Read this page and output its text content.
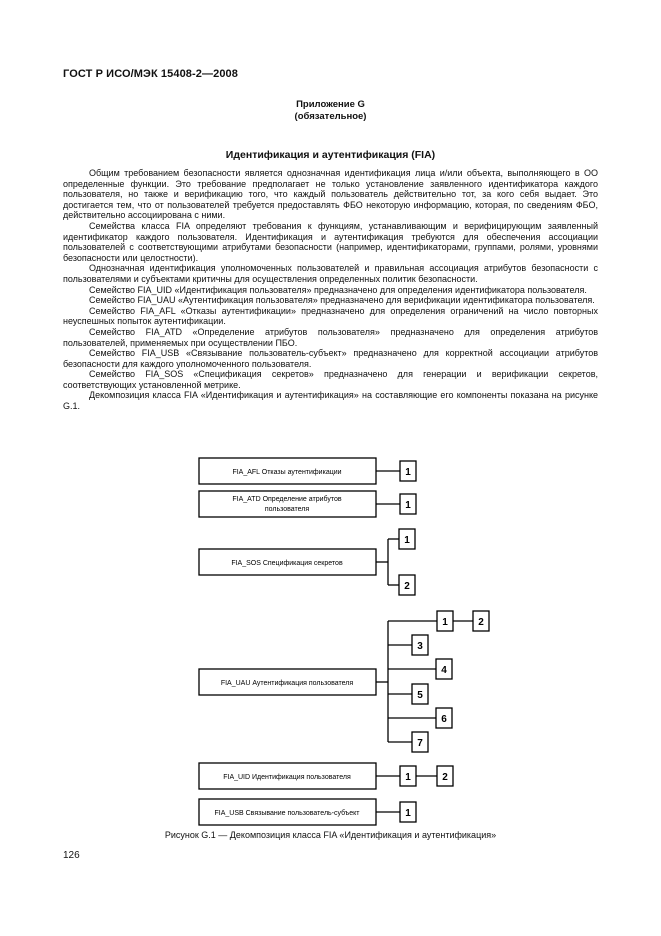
ГОСТ Р ИСО/МЭК 15408-2—2008
Приложение G
(обязательное)
Идентификация и аутентификация (FIA)

Общим требованием безопасности является однозначная идентификация лица и/или объекта, выполняющего в ОО определенные функции. Это требование предполагает не только установление заявленного идентификатора каждого пользователя, но также и верификацию того, что каждый пользователь действительно тот, за кого себя выдает. Это достигается тем, что от пользователей требуется предоставлять ФБО некоторую информацию, которая, по сведениям ФБО, действительно ассоциирована с ними.

Семейства класса FIA определяют требования к функциям, устанавливающим и верифицирующим заявленный идентификатор каждого пользователя. Идентификация и аутентификация требуются для обеспечения ассоциации пользователей с соответствующими атрибутами безопасности (например, идентификаторами, группами, ролями, уровнями безопасности или целостности).

Однозначная идентификация уполномоченных пользователей и правильная ассоциация атрибутов безопасности с пользователями и субъектами критичны для осуществления определенных политик безопасности.

Семейство FIA_UID «Идентификация пользователя» предназначено для определения идентификатора пользователя.

Семейство FIA_UAU «Аутентификация пользователя» предназначено для верификации идентификатора пользователя.

Семейство FIA_AFL «Отказы аутентификации» предназначено для определения ограничений на число повторных неуспешных попыток аутентификации.

Семейство FIA_ATD «Определение атрибутов пользователя» предназначено для определения атрибутов пользователей, применяемых при осуществлении ПБО.

Семейство FIA_USB «Связывание пользователь-субъект» предназначено для корректной ассоциации атрибутов безопасности для каждого уполномоченного пользователя.

Семейство FIA_SOS «Спецификация секретов» предназначено для генерации и верификации секретов, соответствующих установленной метрике.

Декомпозиция класса FIA «Идентификация и аутентификация» на составляющие его компоненты показана на рисунке G.1.

FIA_AFL Отказы аутентификации
FIA_ATD Определение атрибутов
пользователя
FIA_SOS Спецификация секретов
FIA_UAU Аутентификация пользователя
FIA_UID Идентификация пользователя
FIA_USB Связывание пользователь-субъект
1
1
1
2
1	2
3
4
5
6
7
1	2
1
Рисунок G.1 — Декомпозиция класса FIA «Идентификация и аутентификация»
126
